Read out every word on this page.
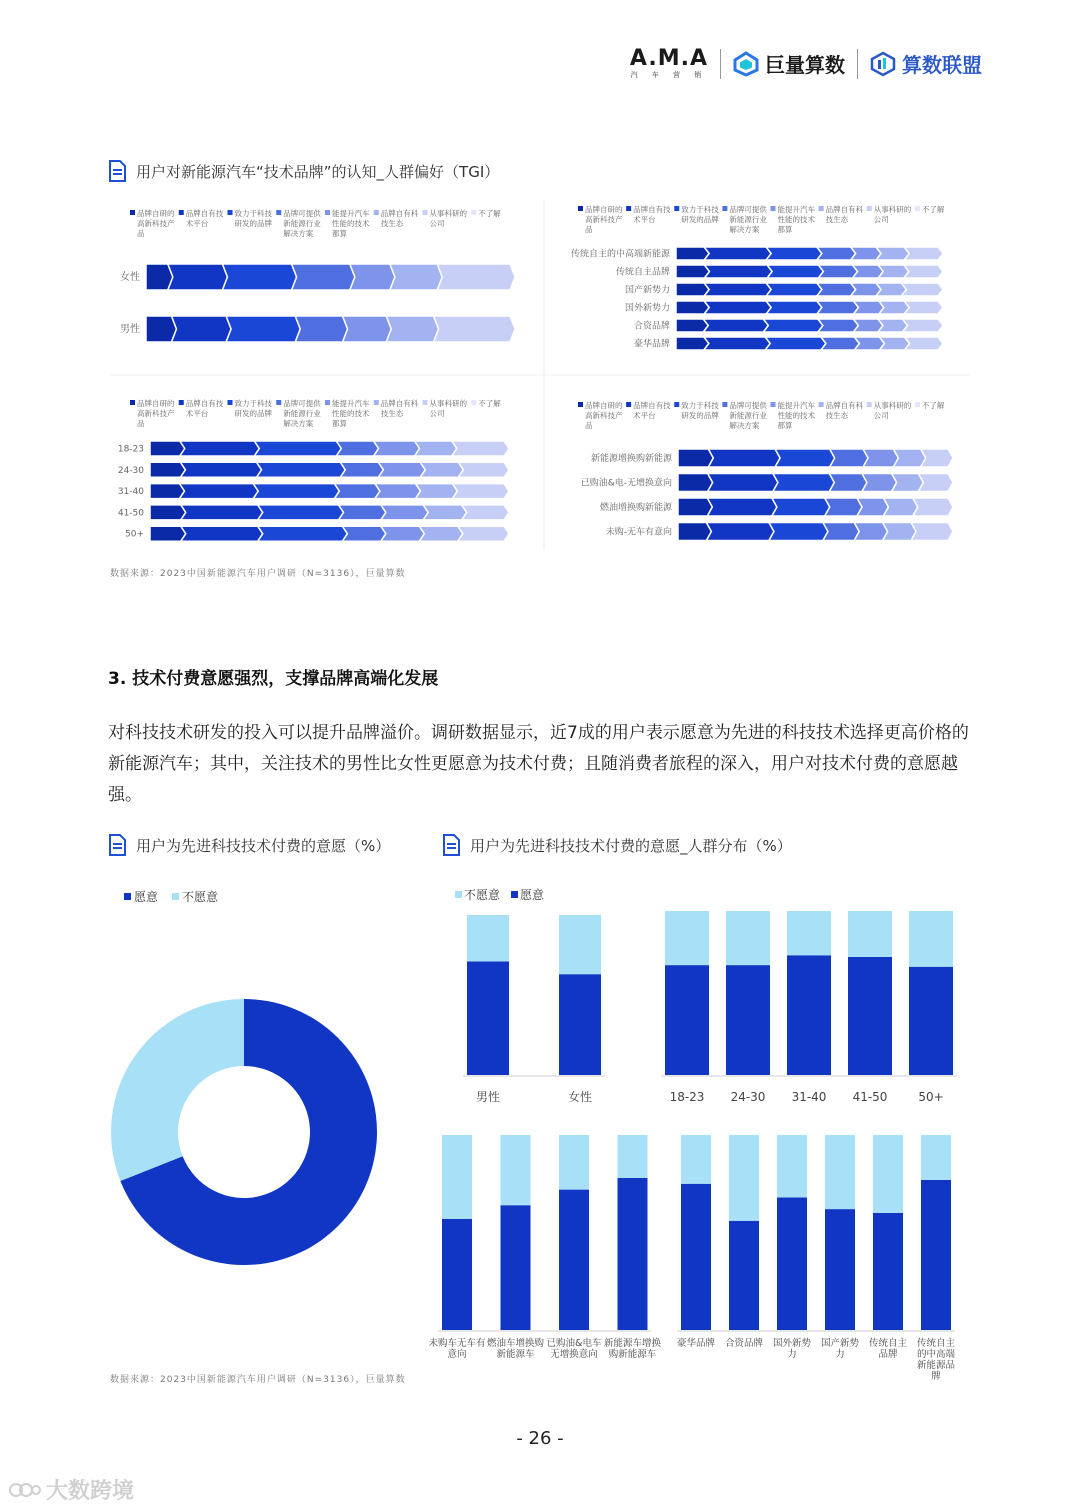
A.M.A
汽 车 营 销	巨量算数	算数联盟
用户对新能源汽车“技术品牌”的认知_人群偏好（TGI）
品牌自研的
高新科技产
品
品牌自有技
术平台
致力于科技
研发的品牌
品牌可提供
新能源行业
解决方案
能提升汽车
性能的技术
都算
品牌自有科
技生态
从事科研的
公司
不了解
女性
男性
品牌自研的
高新科技产
品
品牌自有技
术平台
致力于科技
研发的品牌
品牌可提供
新能源行业
解决方案
能提升汽车
性能的技术
都算
品牌自有科
技生态
从事科研的
公司
不了解
传统自主的中高端新能源
传统自主品牌
国产新势力
国外新势力
合资品牌
豪华品牌
品牌自研的
高新科技产
品
品牌自有技
术平台
致力于科技
研发的品牌
品牌可提供
新能源行业
解决方案
能提升汽车
性能的技术
都算
品牌自有科
技生态
从事科研的
公司
不了解
18-23
24-30
31-40
41-50
50+
品牌自研的
高新科技产
品
品牌自有技
术平台
致力于科技
研发的品牌
品牌可提供
新能源行业
解决方案
能提升汽车
性能的技术
都算
品牌自有科
技生态
从事科研的
公司
不了解
新能源增换购新能源
已购油&电-无增换意向
燃油增换购新能源
未购-无车有意向
数据来源：2023中国新能源汽车用户调研（N=3136），巨量算数
3. 技术付费意愿强烈，支撑品牌高端化发展
对科技技术研发的投入可以提升品牌溢价。调研数据显示，近7成的用户表示愿意为先进的科技技术选择更高价格的新能源汽车；其中，关注技术的男性比女性更愿意为技术付费；且随消费者旅程的深入，用户对技术付费的意愿越强。
用户为先进科技技术付费的意愿（%）	用户为先进科技技术付费的意愿_人群分布（%）
愿意 不愿意	不愿意 愿意
男性	女性	18-23 24-30 31-40 41-50	50+
未购车无车有
意向
燃油车增换购
新能源车
已购油&电车
无增换意向
新能源车增换
购新能源车
豪华品牌 合资品牌 国外新势
力
国产新势
力
传统自主
品牌
传统自主
的中高端
新能源品
牌
数据来源：2023中国新能源汽车用户调研（N=3136），巨量算数
- 26 -
大数跨境
